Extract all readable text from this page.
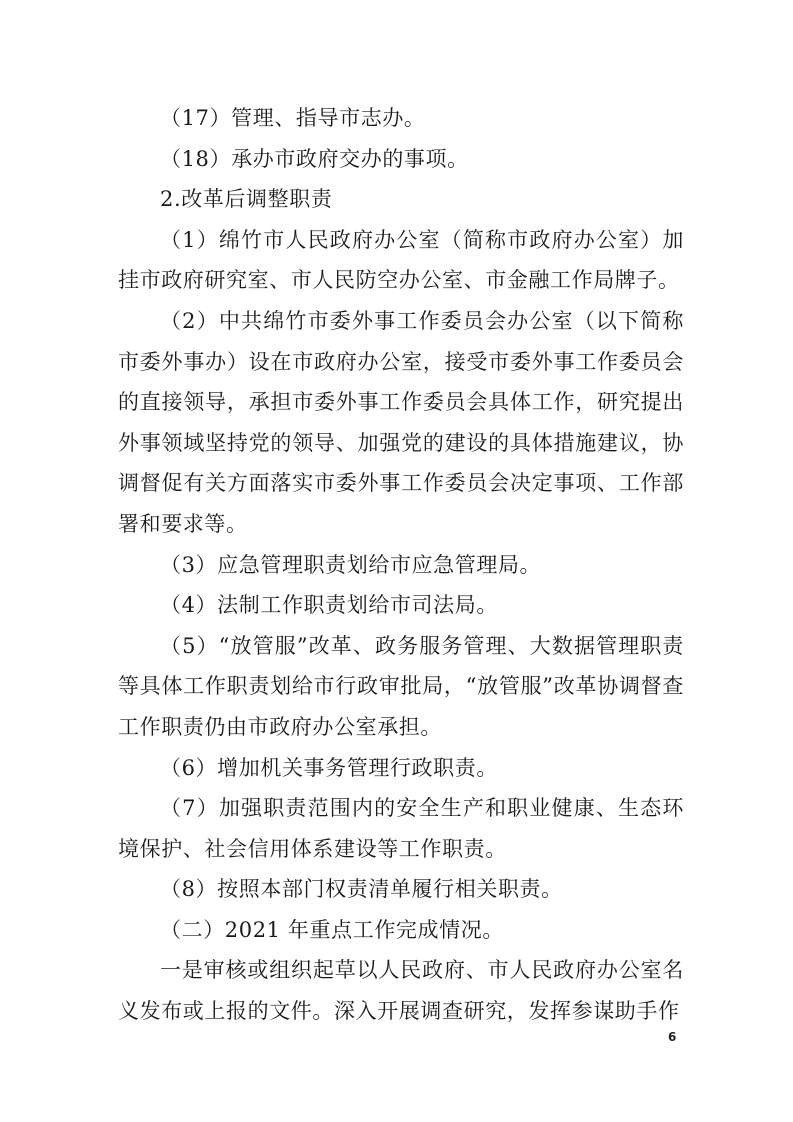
（17）管理、指导市志办。

（18）承办市政府交办的事项。

2.改革后调整职责

（1）绵竹市人民政府办公室（简称市政府办公室）加挂市政府研究室、市人民防空办公室、市金融工作局牌子。

（2）中共绵竹市委外事工作委员会办公室（以下简称市委外事办）设在市政府办公室，接受市委外事工作委员会的直接领导，承担市委外事工作委员会具体工作，研究提出外事领域坚持党的领导、加强党的建设的具体措施建议，协调督促有关方面落实市委外事工作委员会决定事项、工作部署和要求等。

（3）应急管理职责划给市应急管理局。

（4）法制工作职责划给市司法局。

（5）“放管服”改革、政务服务管理、大数据管理职责等具体工作职责划给市行政审批局，“放管服”改革协调督查工作职责仍由市政府办公室承担。

（6）增加机关事务管理行政职责。

（7）加强职责范围内的安全生产和职业健康、生态环境保护、社会信用体系建设等工作职责。

（8）按照本部门权责清单履行相关职责。

（二）2021 年重点工作完成情况。

一是审核或组织起草以人民政府、市人民政府办公室名义发布或上报的文件。深入开展调查研究，发挥参谋助手作

6
